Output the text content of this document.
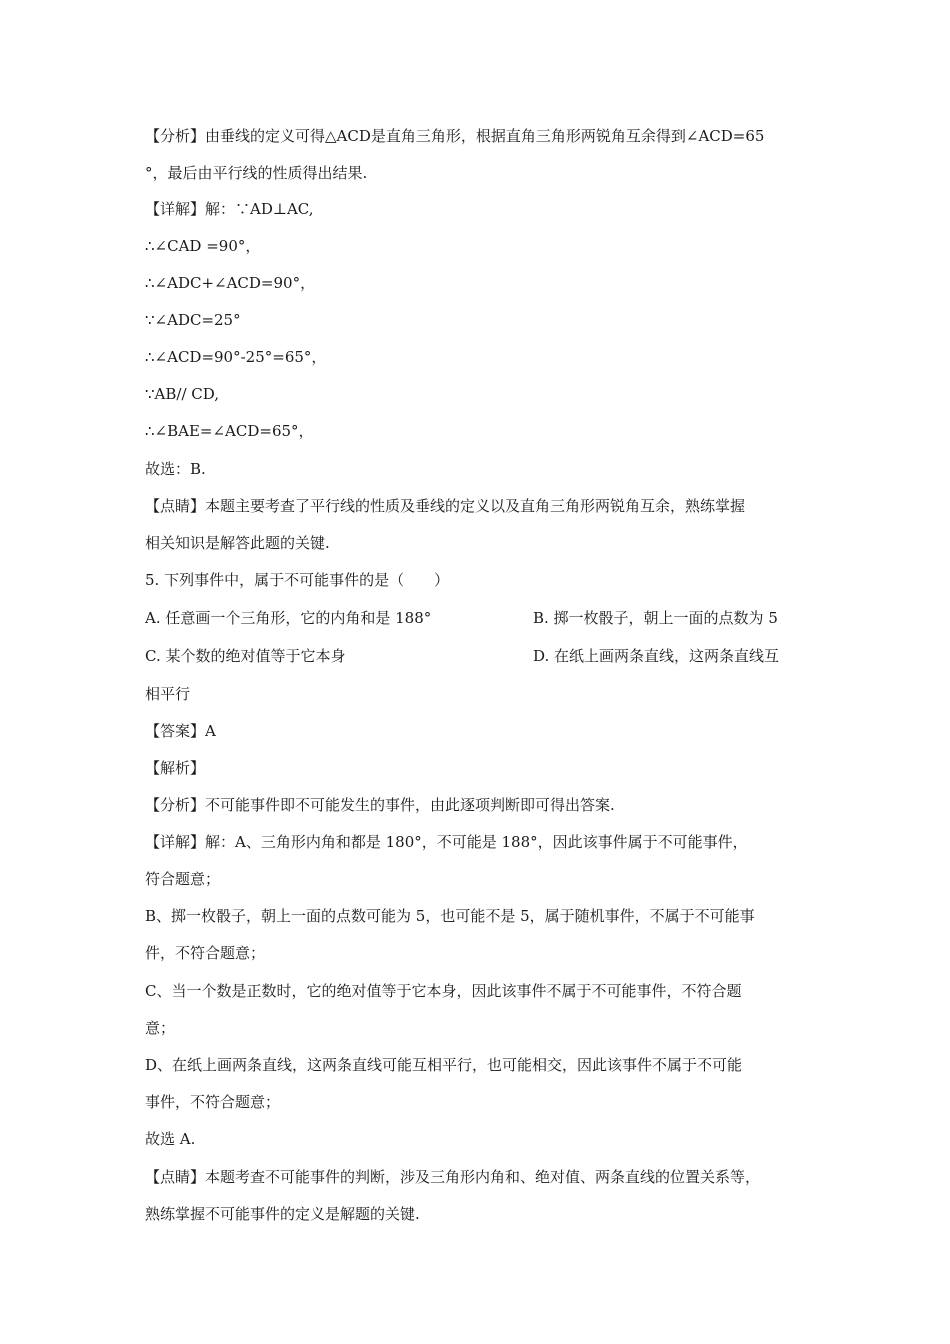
【分析】由垂线的定义可得△ACD是直角三角形，根据直角三角形两锐角互余得到∠ACD=65
°，最后由平行线的性质得出结果.
【详解】解：∵AD⊥AC,
∴∠CAD =90°，
∴∠ADC+∠ACD=90°，
∵∠ADC=25°
∴∠ACD=90°-25°=65°，
∵AB// CD,
∴∠BAE=∠ACD=65°，
故选：B.
【点睛】本题主要考查了平行线的性质及垂线的定义以及直角三角形两锐角互余，熟练掌握
相关知识是解答此题的关键.
5. 下列事件中，属于不可能事件的是（　　）
A. 任意画一个三角形，它的内角和是 188°	B. 掷一枚骰子，朝上一面的点数为 5
C. 某个数的绝对值等于它本身	D. 在纸上画两条直线，这两条直线互
相平行
【答案】A
【解析】
【分析】不可能事件即不可能发生的事件，由此逐项判断即可得出答案.
【详解】解：A、三角形内角和都是 180°，不可能是 188°，因此该事件属于不可能事件，
符合题意；
B、掷一枚骰子，朝上一面的点数可能为 5，也可能不是 5，属于随机事件，不属于不可能事
件，不符合题意；
C、当一个数是正数时，它的绝对值等于它本身，因此该事件不属于不可能事件，不符合题
意；
D、在纸上画两条直线，这两条直线可能互相平行，也可能相交，因此该事件不属于不可能
事件，不符合题意；
故选 A.
【点睛】本题考查不可能事件的判断，涉及三角形内角和、绝对值、两条直线的位置关系等，
熟练掌握不可能事件的定义是解题的关键.
